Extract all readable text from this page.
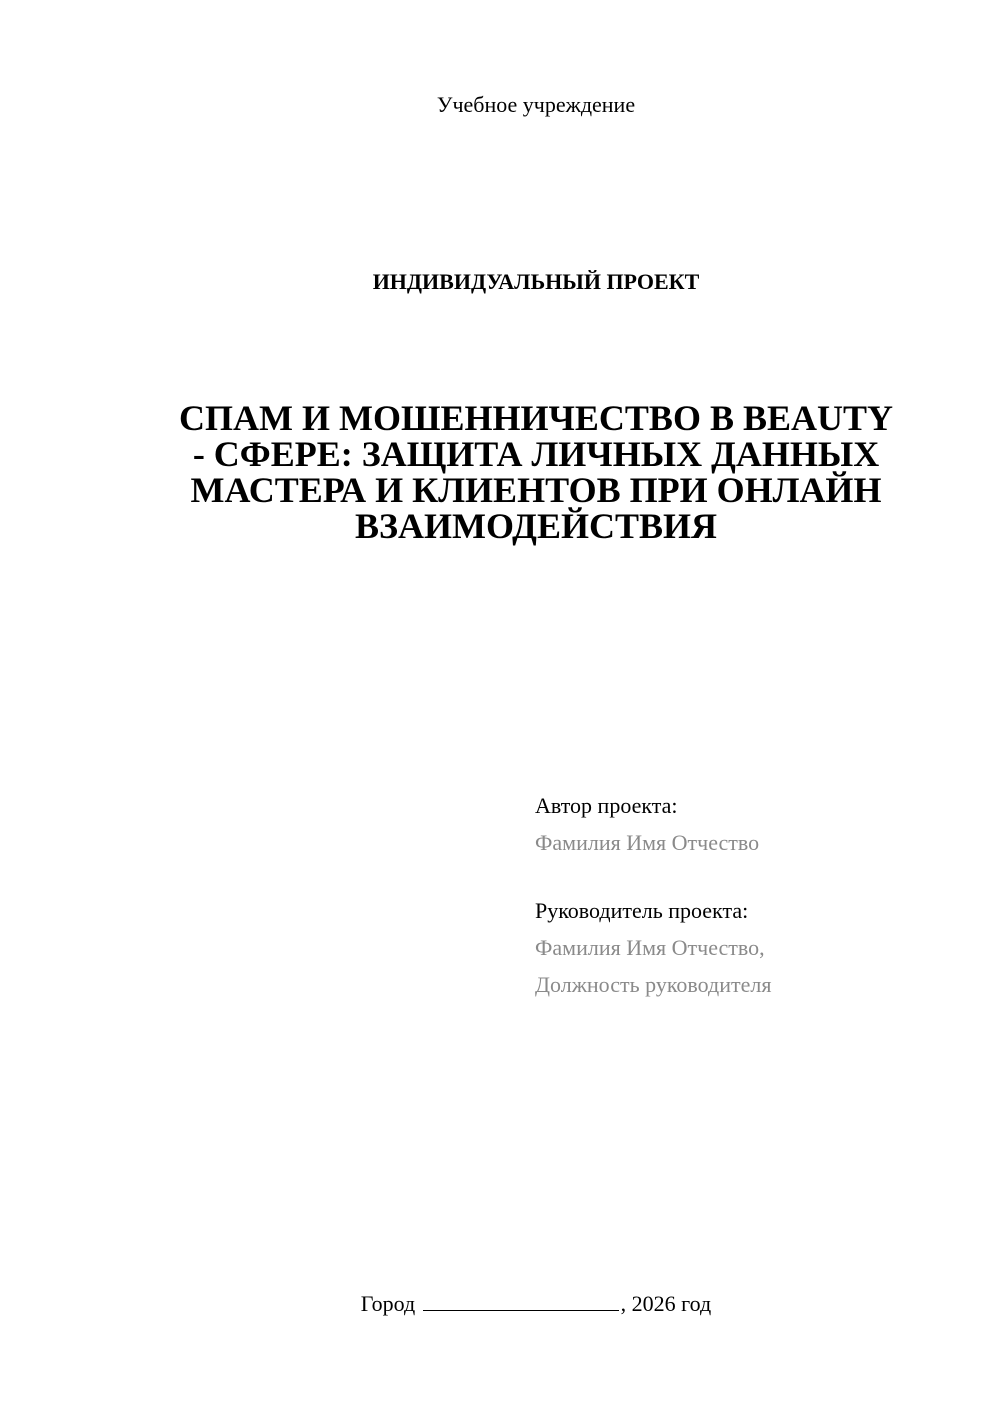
Учебное учреждение
ИНДИВИДУАЛЬНЫЙ ПРОЕКТ
СПАМ И МОШЕННИЧЕСТВО В BEAUTY
- СФЕРЕ: ЗАЩИТА ЛИЧНЫХ ДАННЫХ
МАСТЕРА И КЛИЕНТОВ ПРИ ОНЛАЙН
ВЗАИМОДЕЙСТВИЯ
Автор проекта:
Фамилия Имя Отчество
Руководитель проекта:
Фамилия Имя Отчество,
Должность руководителя
Город	, 2026 год
